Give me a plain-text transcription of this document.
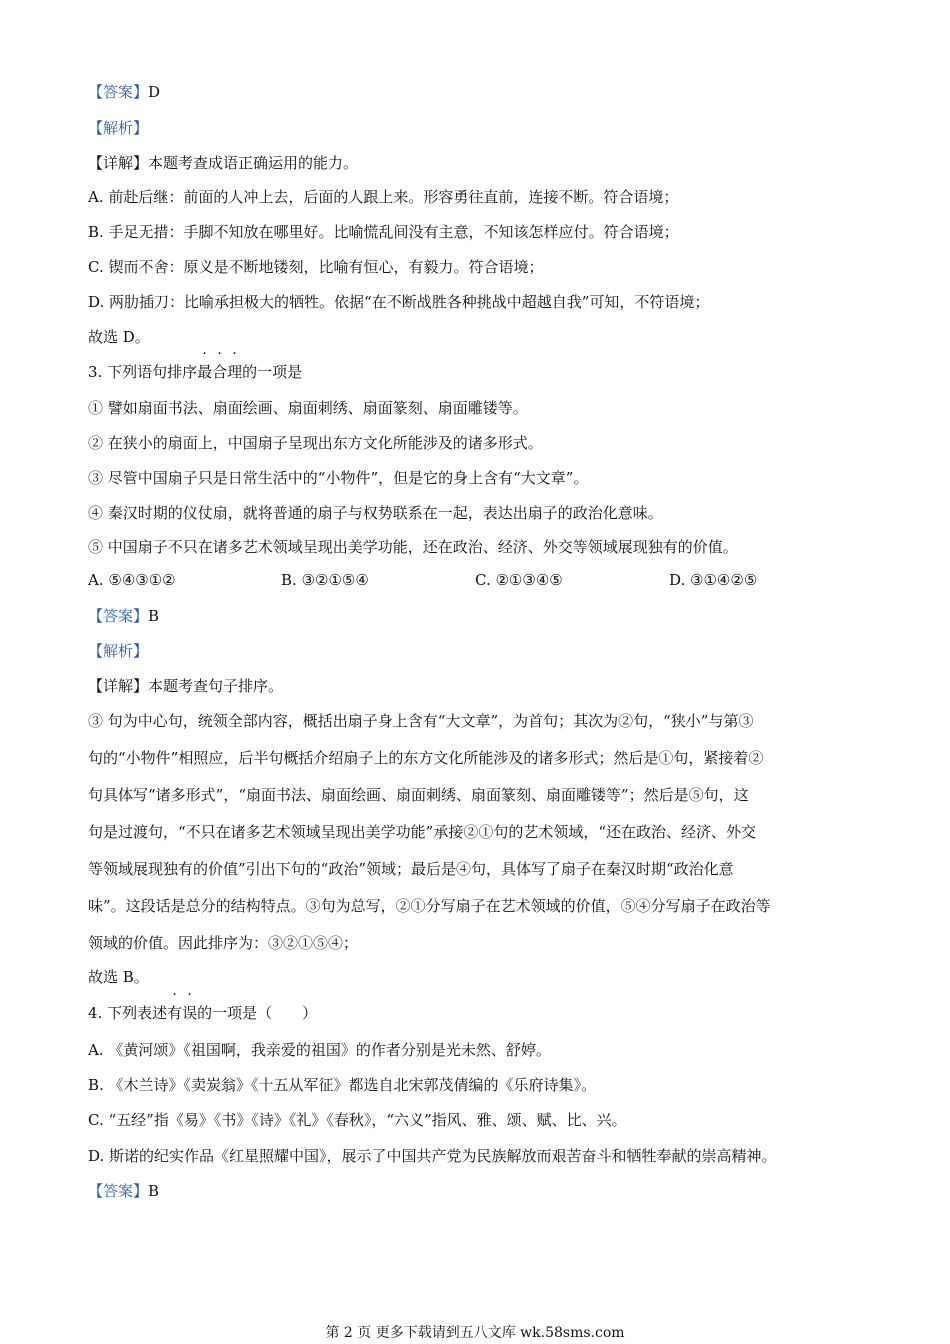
【答案】D
【解析】
【详解】本题考查成语正确运用的能力。
A. 前赴后继：前面的人冲上去，后面的人跟上来。形容勇往直前，连接不断。符合语境；
B. 手足无措：手脚不知放在哪里好。比喻慌乱间没有主意，不知该怎样应付。符合语境；
C. 锲而不舍：原义是不断地镂刻，比喻有恒心，有毅力。符合语境；
D. 两肋插刀：比喻承担极大的牺牲。依据“在不断战胜各种挑战中超越自我”可知，不符语境；
故选 D。
3. 下列语句排序最合理的一项是
① 譬如扇面书法、扇面绘画、扇面刺绣、扇面篆刻、扇面雕镂等。
② 在狭小的扇面上，中国扇子呈现出东方文化所能涉及的诸多形式。
③ 尽管中国扇子只是日常生活中的“小物件”，但是它的身上含有“大文章”。
④ 秦汉时期的仪仗扇，就将普通的扇子与权势联系在一起，表达出扇子的政治化意味。
⑤ 中国扇子不只在诸多艺术领域呈现出美学功能，还在政治、经济、外交等领域展现独有的价值。
A. ⑤④③①②	B. ③②①⑤④	C. ②①③④⑤	D. ③①④②⑤
【答案】B
【解析】
【详解】本题考查句子排序。
③ 句为中心句，统领全部内容，概括出扇子身上含有“大文章”，为首句；其次为②句，“狭小”与第③
句的“小物件”相照应，后半句概括介绍扇子上的东方文化所能涉及的诸多形式；然后是①句，紧接着②
句具体写“诸多形式”，“扇面书法、扇面绘画、扇面刺绣、扇面篆刻、扇面雕镂等”；然后是⑤句，这
句是过渡句，“不只在诸多艺术领域呈现出美学功能”承接②①句的艺术领域，“还在政治、经济、外交
等领域展现独有的价值”引出下句的“政治”领域；最后是④句，具体写了扇子在秦汉时期“政治化意
味”。这段话是总分的结构特点。③句为总写，②①分写扇子在艺术领域的价值，⑤④分写扇子在政治等
领域的价值。因此排序为：③②①⑤④；
故选 B。
4. 下列表述有误的一项是（　　）
A. 《黄河颂》《祖国啊，我亲爱的祖国》的作者分别是光未然、舒婷。
B. 《木兰诗》《卖炭翁》《十五从军征》都选自北宋郭茂倩编的《乐府诗集》。
C. “五经”指《易》《书》《诗》《礼》《春秋》，“六义”指风、雅、颂、赋、比、兴。
D. 斯诺的纪实作品《红星照耀中国》，展示了中国共产党为民族解放而艰苦奋斗和牺牲奉献的崇高精神。
【答案】B
第 2 页 更多下载请到五八文库 wk.58sms.com
